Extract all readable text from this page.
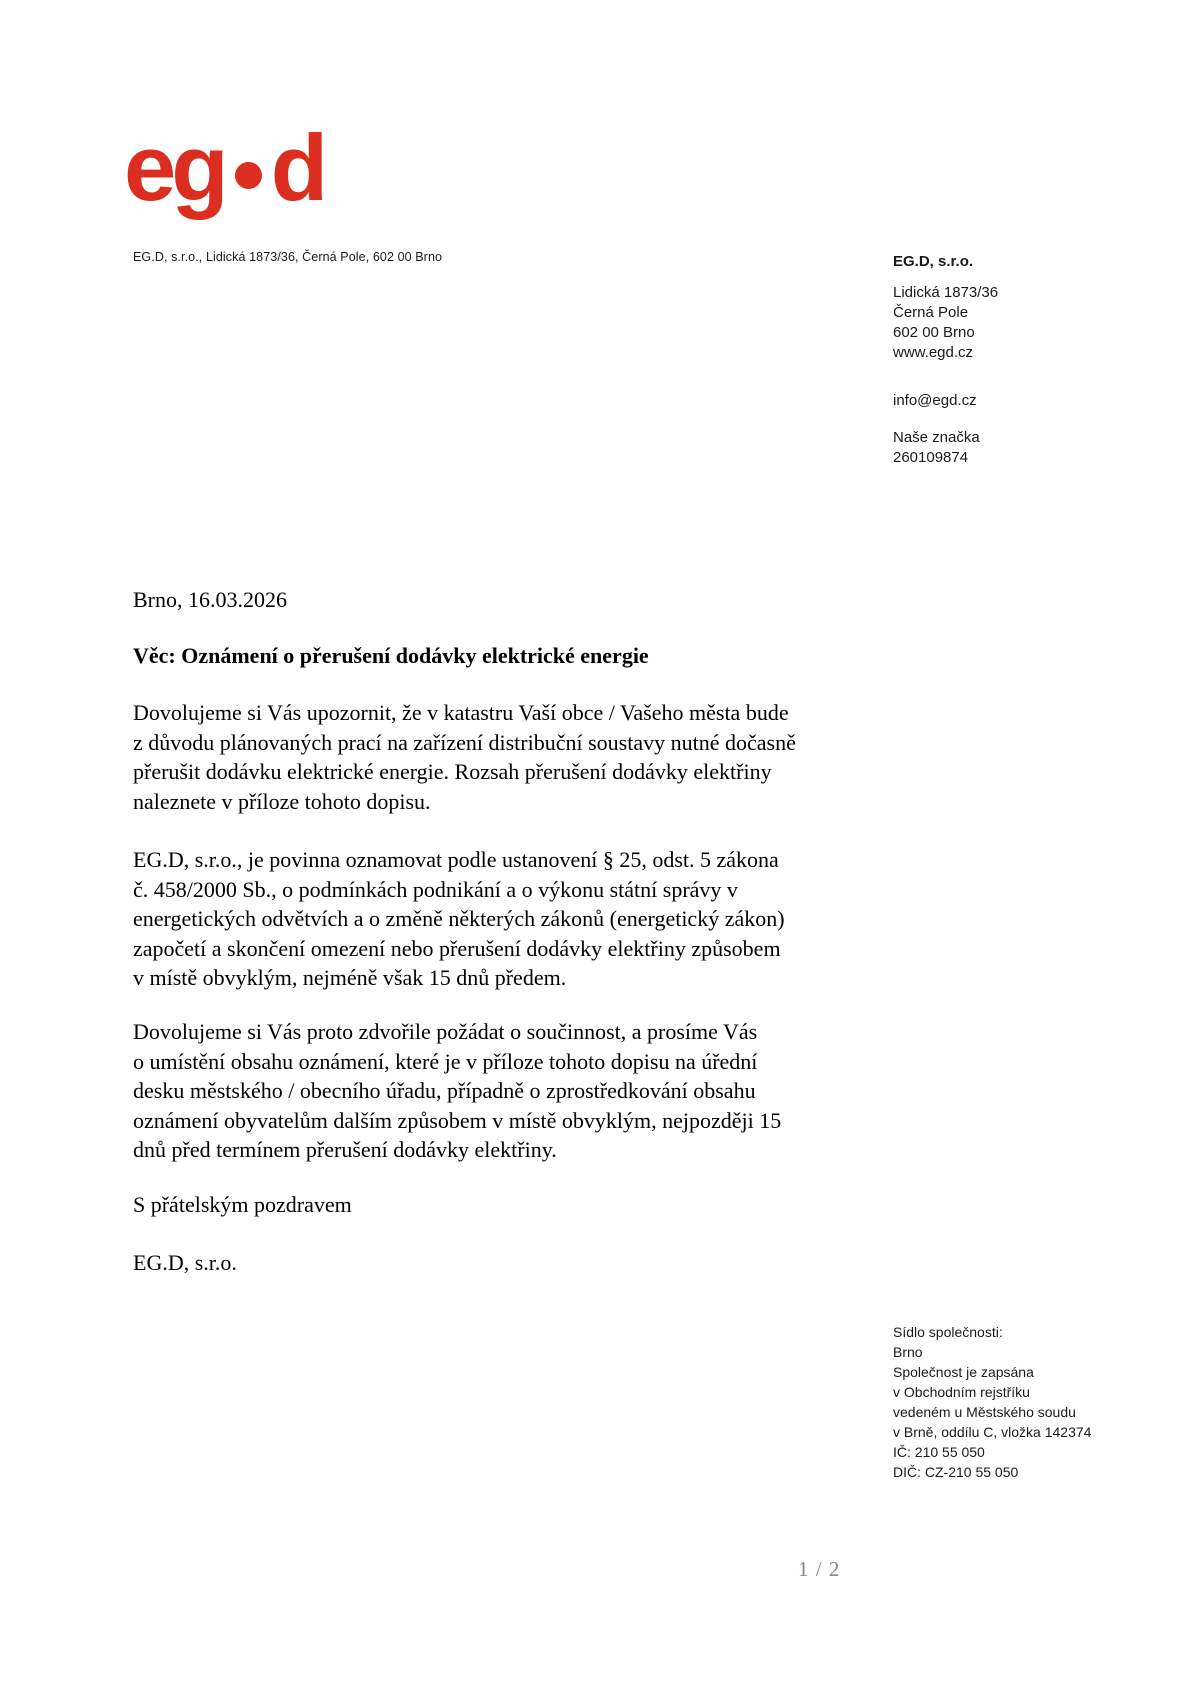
eg d
EG.D, s.r.o., Lidická 1873/36, Černá Pole, 602 00 Brno	EG.D, s.r.o.
Lidická 1873/36
Černá Pole
602 00 Brno
www.egd.cz
info@egd.cz
Naše značka
260109874
Brno, 16.03.2026
Věc: Oznámení o přerušení dodávky elektrické energie
Dovolujeme si Vás upozornit, že v katastru Vaší obce / Vašeho města bude
z důvodu plánovaných prací na zařízení distribuční soustavy nutné dočasně
přerušit dodávku elektrické energie. Rozsah přerušení dodávky elektřiny
naleznete v příloze tohoto dopisu.
EG.D, s.r.o., je povinna oznamovat podle ustanovení § 25, odst. 5 zákona
č. 458/2000 Sb., o podmínkách podnikání a o výkonu státní správy v
energetických odvětvích a o změně některých zákonů (energetický zákon)
započetí a skončení omezení nebo přerušení dodávky elektřiny způsobem
v místě obvyklým, nejméně však 15 dnů předem.
Dovolujeme si Vás proto zdvořile požádat o součinnost, a prosíme Vás
o umístění obsahu oznámení, které je v příloze tohoto dopisu na úřední
desku městského / obecního úřadu, případně o zprostředkování obsahu
oznámení obyvatelům dalším způsobem v místě obvyklým, nejpozději 15
dnů před termínem přerušení dodávky elektřiny.
S přátelským pozdravem
EG.D, s.r.o.
Sídlo společnosti:
Brno
Společnost je zapsána
v Obchodním rejstříku
vedeném u Městského soudu
v Brně, oddílu C, vložka 142374
IČ: 210 55 050
DIČ: CZ-210 55 050
1 / 2
